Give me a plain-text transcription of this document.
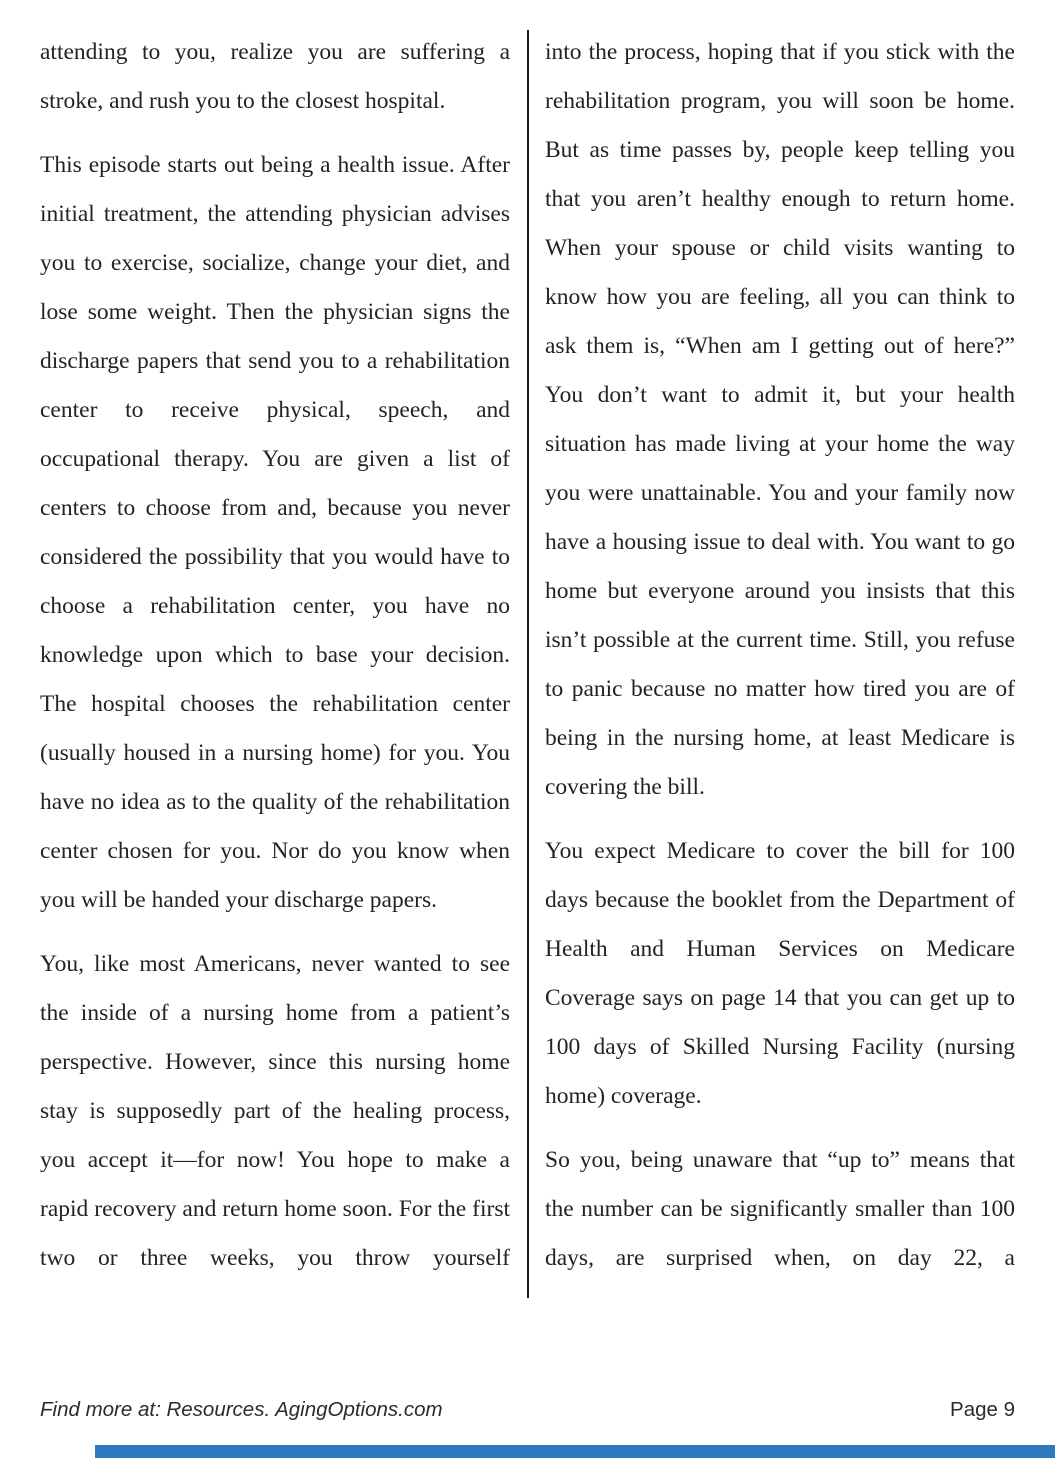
attending to you, realize you are suffering a stroke, and rush you to the closest hospital.

This episode starts out being a health issue. After initial treatment, the attending physician advises you to exercise, socialize, change your diet, and lose some weight. Then the physician signs the discharge papers that send you to a rehabilitation center to receive physical, speech, and occupational therapy. You are given a list of centers to choose from and, because you never considered the possibility that you would have to choose a rehabilitation center, you have no knowledge upon which to base your decision. The hospital chooses the rehabilitation center (usually housed in a nursing home) for you. You have no idea as to the quality of the rehabilitation center chosen for you. Nor do you know when you will be handed your discharge papers.

You, like most Americans, never wanted to see the inside of a nursing home from a patient’s perspective. However, since this nursing home stay is supposedly part of the healing process, you accept it—for now! You hope to make a rapid recovery and return home soon. For the first two or three weeks, you throw yourself

into the process, hoping that if you stick with the rehabilitation program, you will soon be home. But as time passes by, people keep telling you that you aren’t healthy enough to return home. When your spouse or child visits wanting to know how you are feeling, all you can think to ask them is, “When am I getting out of here?” You don’t want to admit it, but your health situation has made living at your home the way you were unattainable. You and your family now have a housing issue to deal with. You want to go home but everyone around you insists that this isn’t possible at the current time. Still, you refuse to panic because no matter how tired you are of being in the nursing home, at least Medicare is covering the bill.

You expect Medicare to cover the bill for 100 days because the booklet from the Department of Health and Human Services on Medicare Coverage says on page 14 that you can get up to 100 days of Skilled Nursing Facility (nursing home) coverage.

So you, being unaware that “up to” means that the number can be significantly smaller than 100 days, are surprised when, on day 22, a

Find more at: Resources. AgingOptions.com	Page 9
